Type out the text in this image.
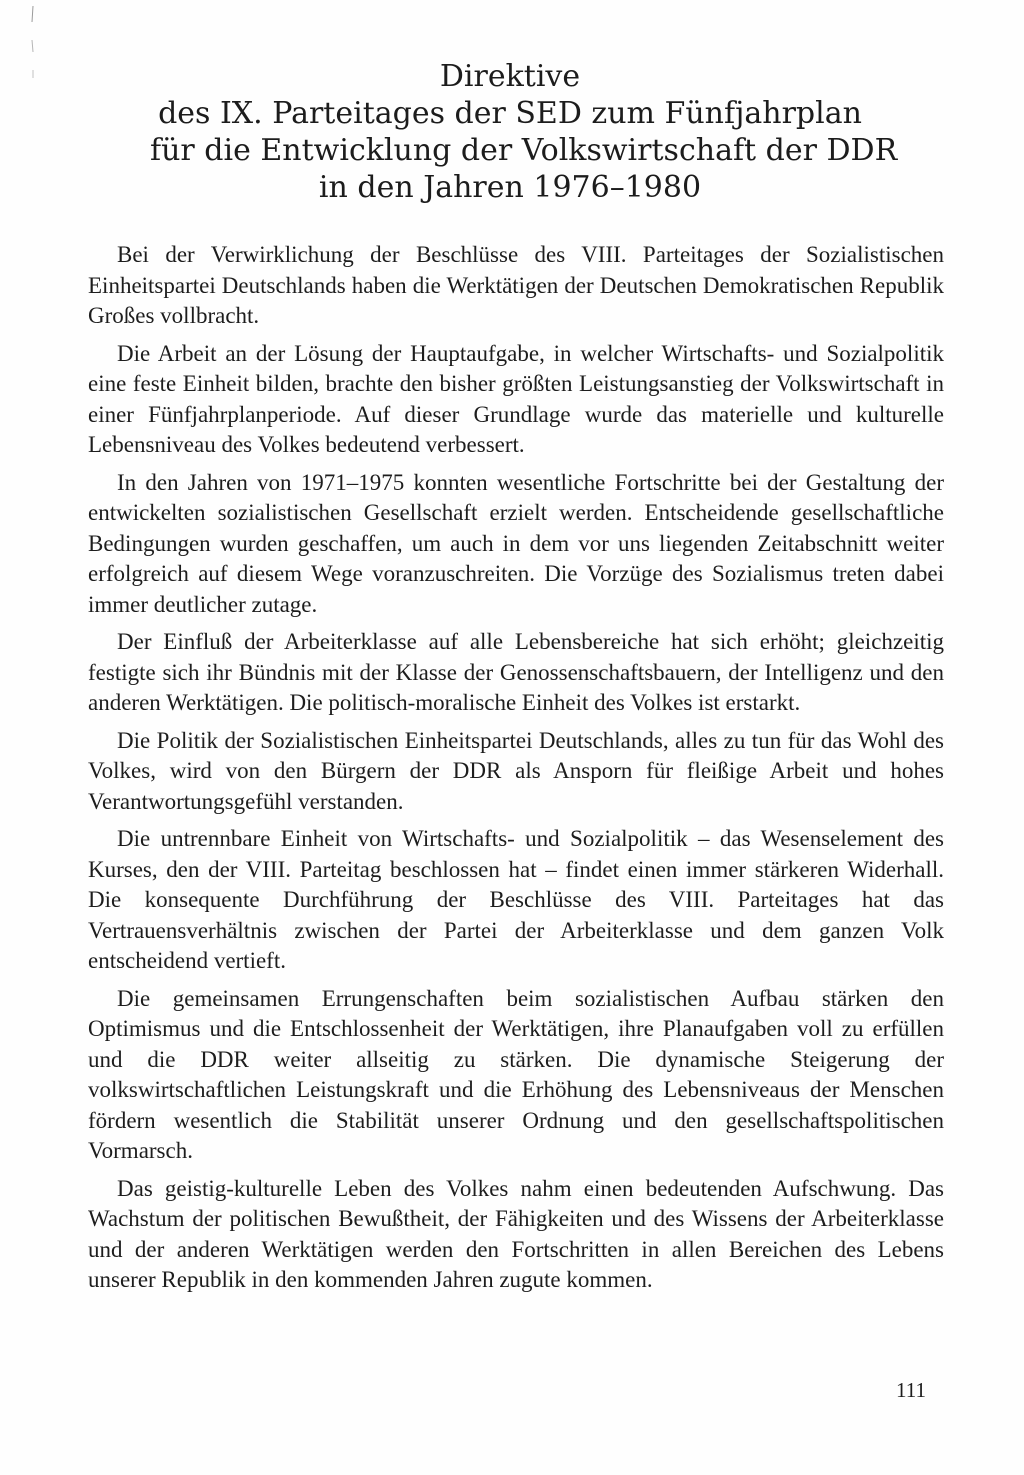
Direktive
des IX. Parteitages der SED zum Fünfjahrplan
für die Entwicklung der Volkswirtschaft der DDR
in den Jahren 1976–1980

Bei der Verwirklichung der Beschlüsse des VIII. Parteitages der Sozialistischen Einheitspartei Deutschlands haben die Werktätigen der Deutschen Demokratischen Republik Großes vollbracht.

Die Arbeit an der Lösung der Hauptaufgabe, in welcher Wirtschafts- und Sozialpolitik eine feste Einheit bilden, brachte den bisher größten Leistungsanstieg der Volkswirtschaft in einer Fünfjahrplanperiode. Auf dieser Grundlage wurde das materielle und kulturelle Lebensniveau des Volkes bedeutend verbessert.

In den Jahren von 1971–1975 konnten wesentliche Fortschritte bei der Gestaltung der entwickelten sozialistischen Gesellschaft erzielt werden. Entscheidende gesellschaftliche Bedingungen wurden geschaffen, um auch in dem vor uns liegenden Zeitabschnitt weiter erfolgreich auf diesem Wege voranzuschreiten. Die Vorzüge des Sozialismus treten dabei immer deutlicher zutage.

Der Einfluß der Arbeiterklasse auf alle Lebensbereiche hat sich erhöht; gleichzeitig festigte sich ihr Bündnis mit der Klasse der Genossenschaftsbauern, der Intelligenz und den anderen Werktätigen. Die politisch-moralische Einheit des Volkes ist erstarkt.

Die Politik der Sozialistischen Einheitspartei Deutschlands, alles zu tun für das Wohl des Volkes, wird von den Bürgern der DDR als Ansporn für fleißige Arbeit und hohes Verantwortungsgefühl verstanden.

Die untrennbare Einheit von Wirtschafts- und Sozialpolitik – das Wesenselement des Kurses, den der VIII. Parteitag beschlossen hat – findet einen immer stärkeren Widerhall. Die konsequente Durchführung der Beschlüsse des VIII. Parteitages hat das Vertrauensverhältnis zwischen der Partei der Arbeiterklasse und dem ganzen Volk entscheidend vertieft.

Die gemeinsamen Errungenschaften beim sozialistischen Aufbau stärken den Optimismus und die Entschlossenheit der Werktätigen, ihre Planaufgaben voll zu erfüllen und die DDR weiter allseitig zu stärken. Die dynamische Steigerung der volkswirtschaftlichen Leistungskraft und die Erhöhung des Lebensniveaus der Menschen fördern wesentlich die Stabilität unserer Ordnung und den gesellschaftspolitischen Vormarsch.

Das geistig-kulturelle Leben des Volkes nahm einen bedeutenden Aufschwung. Das Wachstum der politischen Bewußtheit, der Fähigkeiten und des Wissens der Arbeiterklasse und der anderen Werktätigen werden den Fortschritten in allen Bereichen des Lebens unserer Republik in den kommenden Jahren zugute kommen.

111
